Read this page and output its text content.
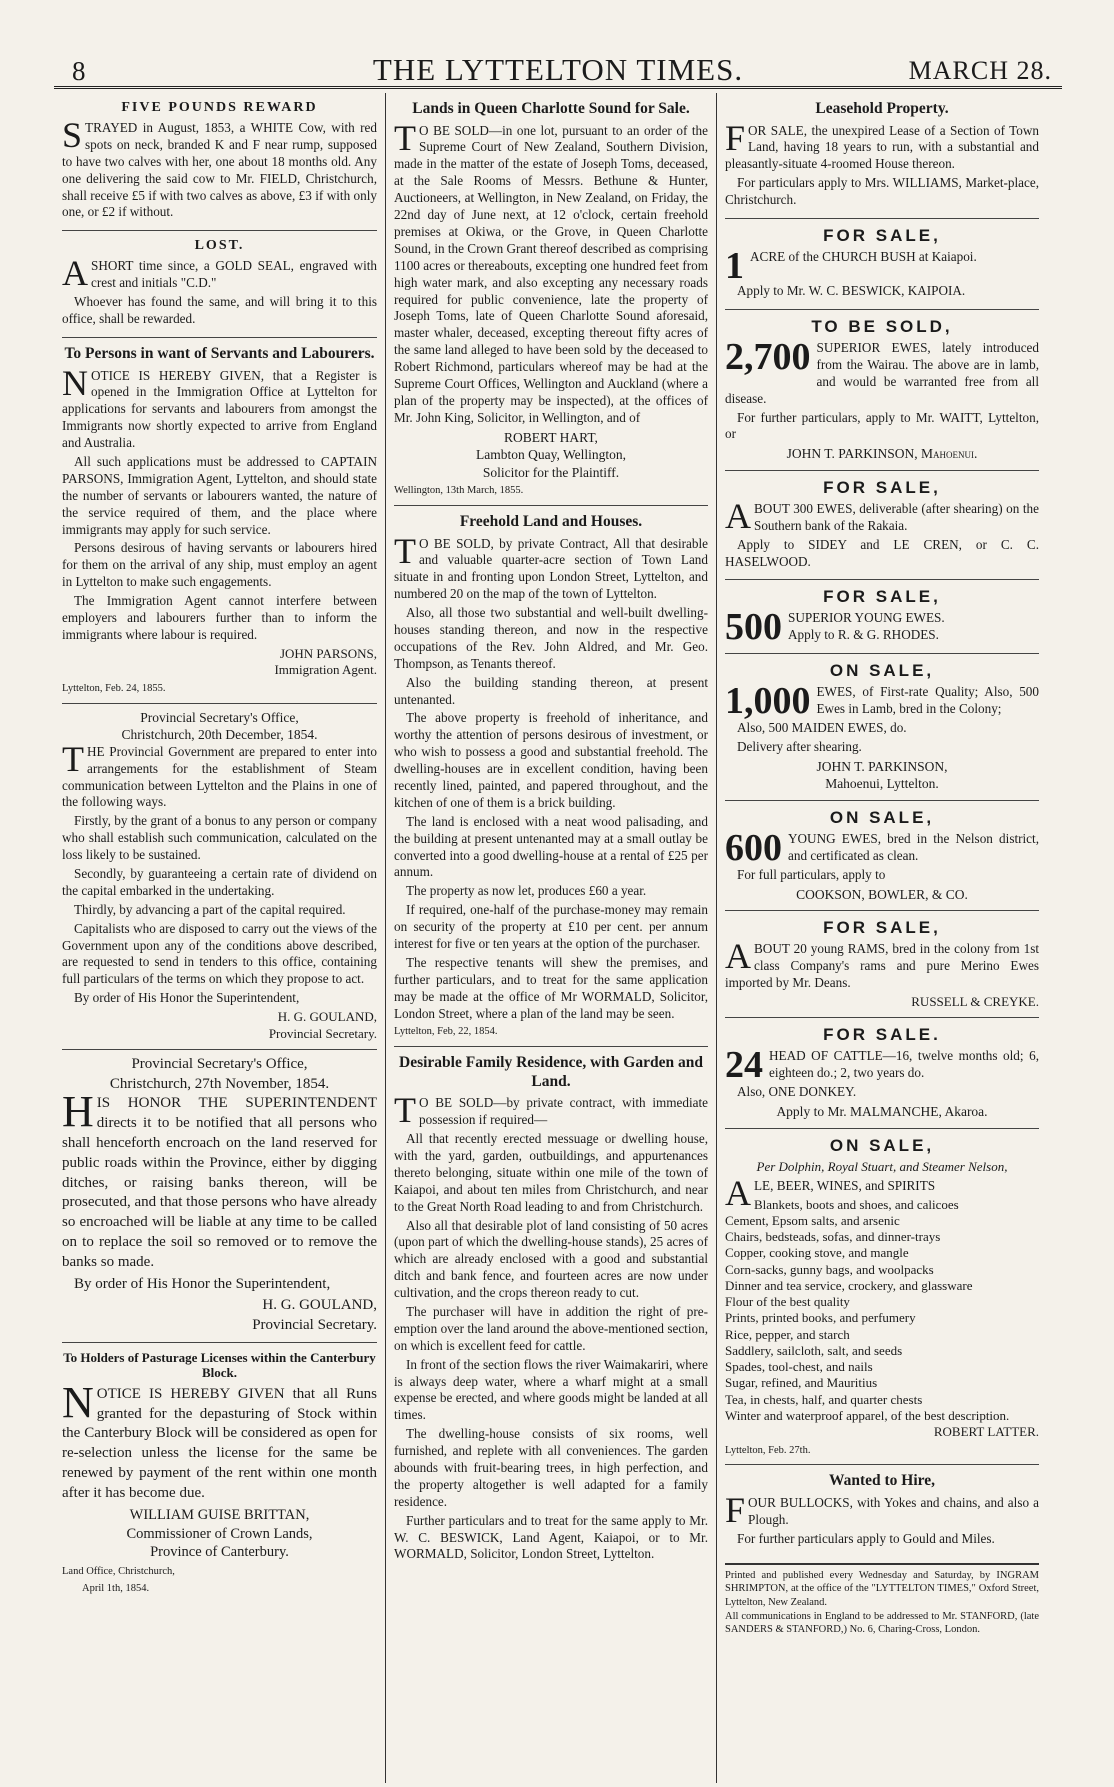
8	THE LYTTELTON TIMES.	MARCH 28.
FIVE POUNDS REWARD

STRAYED in August, 1853, a WHITE Cow, with red spots on neck, branded K and F near rump, supposed to have two calves with her, one about 18 months old. Any one delivering the said cow to Mr. FIELD, Christchurch, shall receive £5 if with two calves as above, £3 if with only one, or £2 if without.

LOST.

ASHORT time since, a GOLD SEAL, engraved with crest and initials "C.D."

Whoever has found the same, and will bring it to this office, shall be rewarded.

To Persons in want of Servants and Labourers.

NOTICE IS HEREBY GIVEN, that a Register is opened in the Immigration Office at Lyttelton for applications for servants and labourers from amongst the Immigrants now shortly expected to arrive from England and Australia.

All such applications must be addressed to CAPTAIN PARSONS, Immigration Agent, Lyttelton, and should state the number of servants or labourers wanted, the nature of the service required of them, and the place where immigrants may apply for such service.

Persons desirous of having servants or labourers hired for them on the arrival of any ship, must employ an agent in Lyttelton to make such engagements.

The Immigration Agent cannot interfere between employers and labourers further than to inform the immigrants where labour is required.

JOHN PARSONS,
Immigration Agent.
Lyttelton, Feb. 24, 1855.
Provincial Secretary's Office,
Christchurch, 20th December, 1854.

THE Provincial Government are prepared to enter into arrangements for the establishment of Steam communication between Lyttelton and the Plains in one of the following ways.

Firstly, by the grant of a bonus to any person or company who shall establish such communication, calculated on the loss likely to be sustained.

Secondly, by guaranteeing a certain rate of dividend on the capital embarked in the undertaking.

Thirdly, by advancing a part of the capital required.

Capitalists who are disposed to carry out the views of the Government upon any of the conditions above described, are requested to send in tenders to this office, containing full particulars of the terms on which they propose to act.

By order of His Honor the Superintendent,

H. G. GOULAND,
Provincial Secretary.
Provincial Secretary's Office,
Christchurch, 27th November, 1854.

HIS HONOR THE SUPERINTENDENT directs it to be notified that all persons who shall henceforth encroach on the land reserved for public roads within the Province, either by digging ditches, or raising banks thereon, will be prosecuted, and that those persons who have already so encroached will be liable at any time to be called on to replace the soil so removed or to remove the banks so made.

By order of His Honor the Superintendent,

H. G. GOULAND,
Provincial Secretary.
To Holders of Pasturage Licenses within the Canterbury Block.

NOTICE IS HEREBY GIVEN that all Runs granted for the depasturing of Stock within the Canterbury Block will be considered as open for re-selection unless the license for the same be renewed by payment of the rent within one month after it has become due.

WILLIAM GUISE BRITTAN,
Commissioner of Crown Lands,
Province of Canterbury.
Land Office, Christchurch,
April 1th, 1854.
Lands in Queen Charlotte Sound for Sale.

TO BE SOLD—in one lot, pursuant to an order of the Supreme Court of New Zealand, Southern Division, made in the matter of the estate of Joseph Toms, deceased, at the Sale Rooms of Messrs. Bethune & Hunter, Auctioneers, at Wellington, in New Zealand, on Friday, the 22nd day of June next, at 12 o'clock, certain freehold premises at Okiwa, or the Grove, in Queen Charlotte Sound, in the Crown Grant thereof described as comprising 1100 acres or thereabouts, excepting one hundred feet from high water mark, and also excepting any necessary roads required for public convenience, late the property of Joseph Toms, late of Queen Charlotte Sound aforesaid, master whaler, deceased, excepting thereout fifty acres of the same land alleged to have been sold by the deceased to Robert Richmond, particulars whereof may be had at the Supreme Court Offices, Wellington and Auckland (where a plan of the property may be inspected), at the offices of Mr. John King, Solicitor, in Wellington, and of

ROBERT HART,
Lambton Quay, Wellington,
Solicitor for the Plaintiff.
Wellington, 13th March, 1855.
Freehold Land and Houses.

TO BE SOLD, by private Contract, All that desirable and valuable quarter-acre section of Town Land situate in and fronting upon London Street, Lyttelton, and numbered 20 on the map of the town of Lyttelton.

Also, all those two substantial and well-built dwelling-houses standing thereon, and now in the respective occupations of the Rev. John Aldred, and Mr. Geo. Thompson, as Tenants thereof.

Also the building standing thereon, at present untenanted.

The above property is freehold of inheritance, and worthy the attention of persons desirous of investment, or who wish to possess a good and substantial freehold. The dwelling-houses are in excellent condition, having been recently lined, painted, and papered throughout, and the kitchen of one of them is a brick building.

The land is enclosed with a neat wood palisading, and the building at present untenanted may at a small outlay be converted into a good dwelling-house at a rental of £25 per annum.

The property as now let, produces £60 a year.

If required, one-half of the purchase-money may remain on security of the property at £10 per cent. per annum interest for five or ten years at the option of the purchaser.

The respective tenants will shew the premises, and further particulars, and to treat for the same application may be made at the office of Mr WORMALD, Solicitor, London Street, where a plan of the land may be seen.

Lyttelton, Feb, 22, 1854.
Desirable Family Residence, with Garden and Land.

TO BE SOLD—by private contract, with immediate possession if required—

All that recently erected messuage or dwelling house, with the yard, garden, outbuildings, and appurtenances thereto belonging, situate within one mile of the town of Kaiapoi, and about ten miles from Christchurch, and near to the Great North Road leading to and from Christchurch.

Also all that desirable plot of land consisting of 50 acres (upon part of which the dwelling-house stands), 25 acres of which are already enclosed with a good and substantial ditch and bank fence, and fourteen acres are now under cultivation, and the crops thereon ready to cut.

The purchaser will have in addition the right of pre-emption over the land around the above-mentioned section, on which is excellent feed for cattle.

In front of the section flows the river Waimakariri, where is always deep water, where a wharf might at a small expense be erected, and where goods might be landed at all times.

The dwelling-house consists of six rooms, well furnished, and replete with all conveniences. The garden abounds with fruit-bearing trees, in high perfection, and the property altogether is well adapted for a family residence.

Further particulars and to treat for the same apply to Mr. W. C. BESWICK, Land Agent, Kaiapoi, or to Mr. WORMALD, Solicitor, London Street, Lyttelton.

Leasehold Property.

FOR SALE, the unexpired Lease of a Section of Town Land, having 18 years to run, with a substantial and pleasantly-situate 4-roomed House thereon.

For particulars apply to Mrs. WILLIAMS, Market-place, Christchurch.

FOR SALE,

1 ACRE of the CHURCH BUSH at Kaiapoi.

Apply to Mr. W. C. BESWICK, KAIPOIA.

TO BE SOLD,

2,700 SUPERIOR EWES, lately introduced from the Wairau. The above are in lamb, and would be warranted free from all disease.

For further particulars, apply to Mr. WAITT, Lyttelton, or

JOHN T. PARKINSON, Mahoenui.
FOR SALE,

ABOUT 300 EWES, deliverable (after shearing) on the Southern bank of the Rakaia.

Apply to SIDEY and LE CREN, or C. C. HASELWOOD.

FOR SALE,

500 SUPERIOR YOUNG EWES.
Apply to R. & G. RHODES.

ON SALE,

1,000 EWES, of First-rate Quality; Also, 500 Ewes in Lamb, bred in the Colony;

Also, 500 MAIDEN EWES, do.

Delivery after shearing.

JOHN T. PARKINSON,
Mahoenui, Lyttelton.
ON SALE,

600 YOUNG EWES, bred in the Nelson district, and certificated as clean.

For full particulars, apply to

COOKSON, BOWLER, & CO.
FOR SALE,

ABOUT 20 young RAMS, bred in the colony from 1st class Company's rams and pure Merino Ewes imported by Mr. Deans.

RUSSELL & CREYKE.
FOR SALE.

24 HEAD OF CATTLE—16, twelve months old; 6, eighteen do.; 2, two years do.

Also, ONE DONKEY.

Apply to Mr. MALMANCHE, Akaroa.
ON SALE,
Per Dolphin, Royal Stuart, and Steamer Nelson,

ALE, BEER, WINES, and SPIRITS

Blankets, boots and shoes, and calicoes
Cement, Epsom salts, and arsenic
Chairs, bedsteads, sofas, and dinner-trays
Copper, cooking stove, and mangle
Corn-sacks, gunny bags, and woolpacks
Dinner and tea service, crockery, and glassware
Flour of the best quality
Prints, printed books, and perfumery
Rice, pepper, and starch
Saddlery, sailcloth, salt, and seeds
Spades, tool-chest, and nails
Sugar, refined, and Mauritius
Tea, in chests, half, and quarter chests
Winter and waterproof apparel, of the best description.
ROBERT LATTER.
Lyttelton, Feb. 27th.
Wanted to Hire,

FOUR BULLOCKS, with Yokes and chains, and also a Plough.

For further particulars apply to Gould and Miles.

Printed and published every Wednesday and Saturday, by INGRAM SHRIMPTON, at the office of the "LYTTELTON TIMES," Oxford Street, Lyttelton, New Zealand.
All communications in England to be addressed to Mr. STANFORD, (late SANDERS & STANFORD,) No. 6, Charing-Cross, London.
